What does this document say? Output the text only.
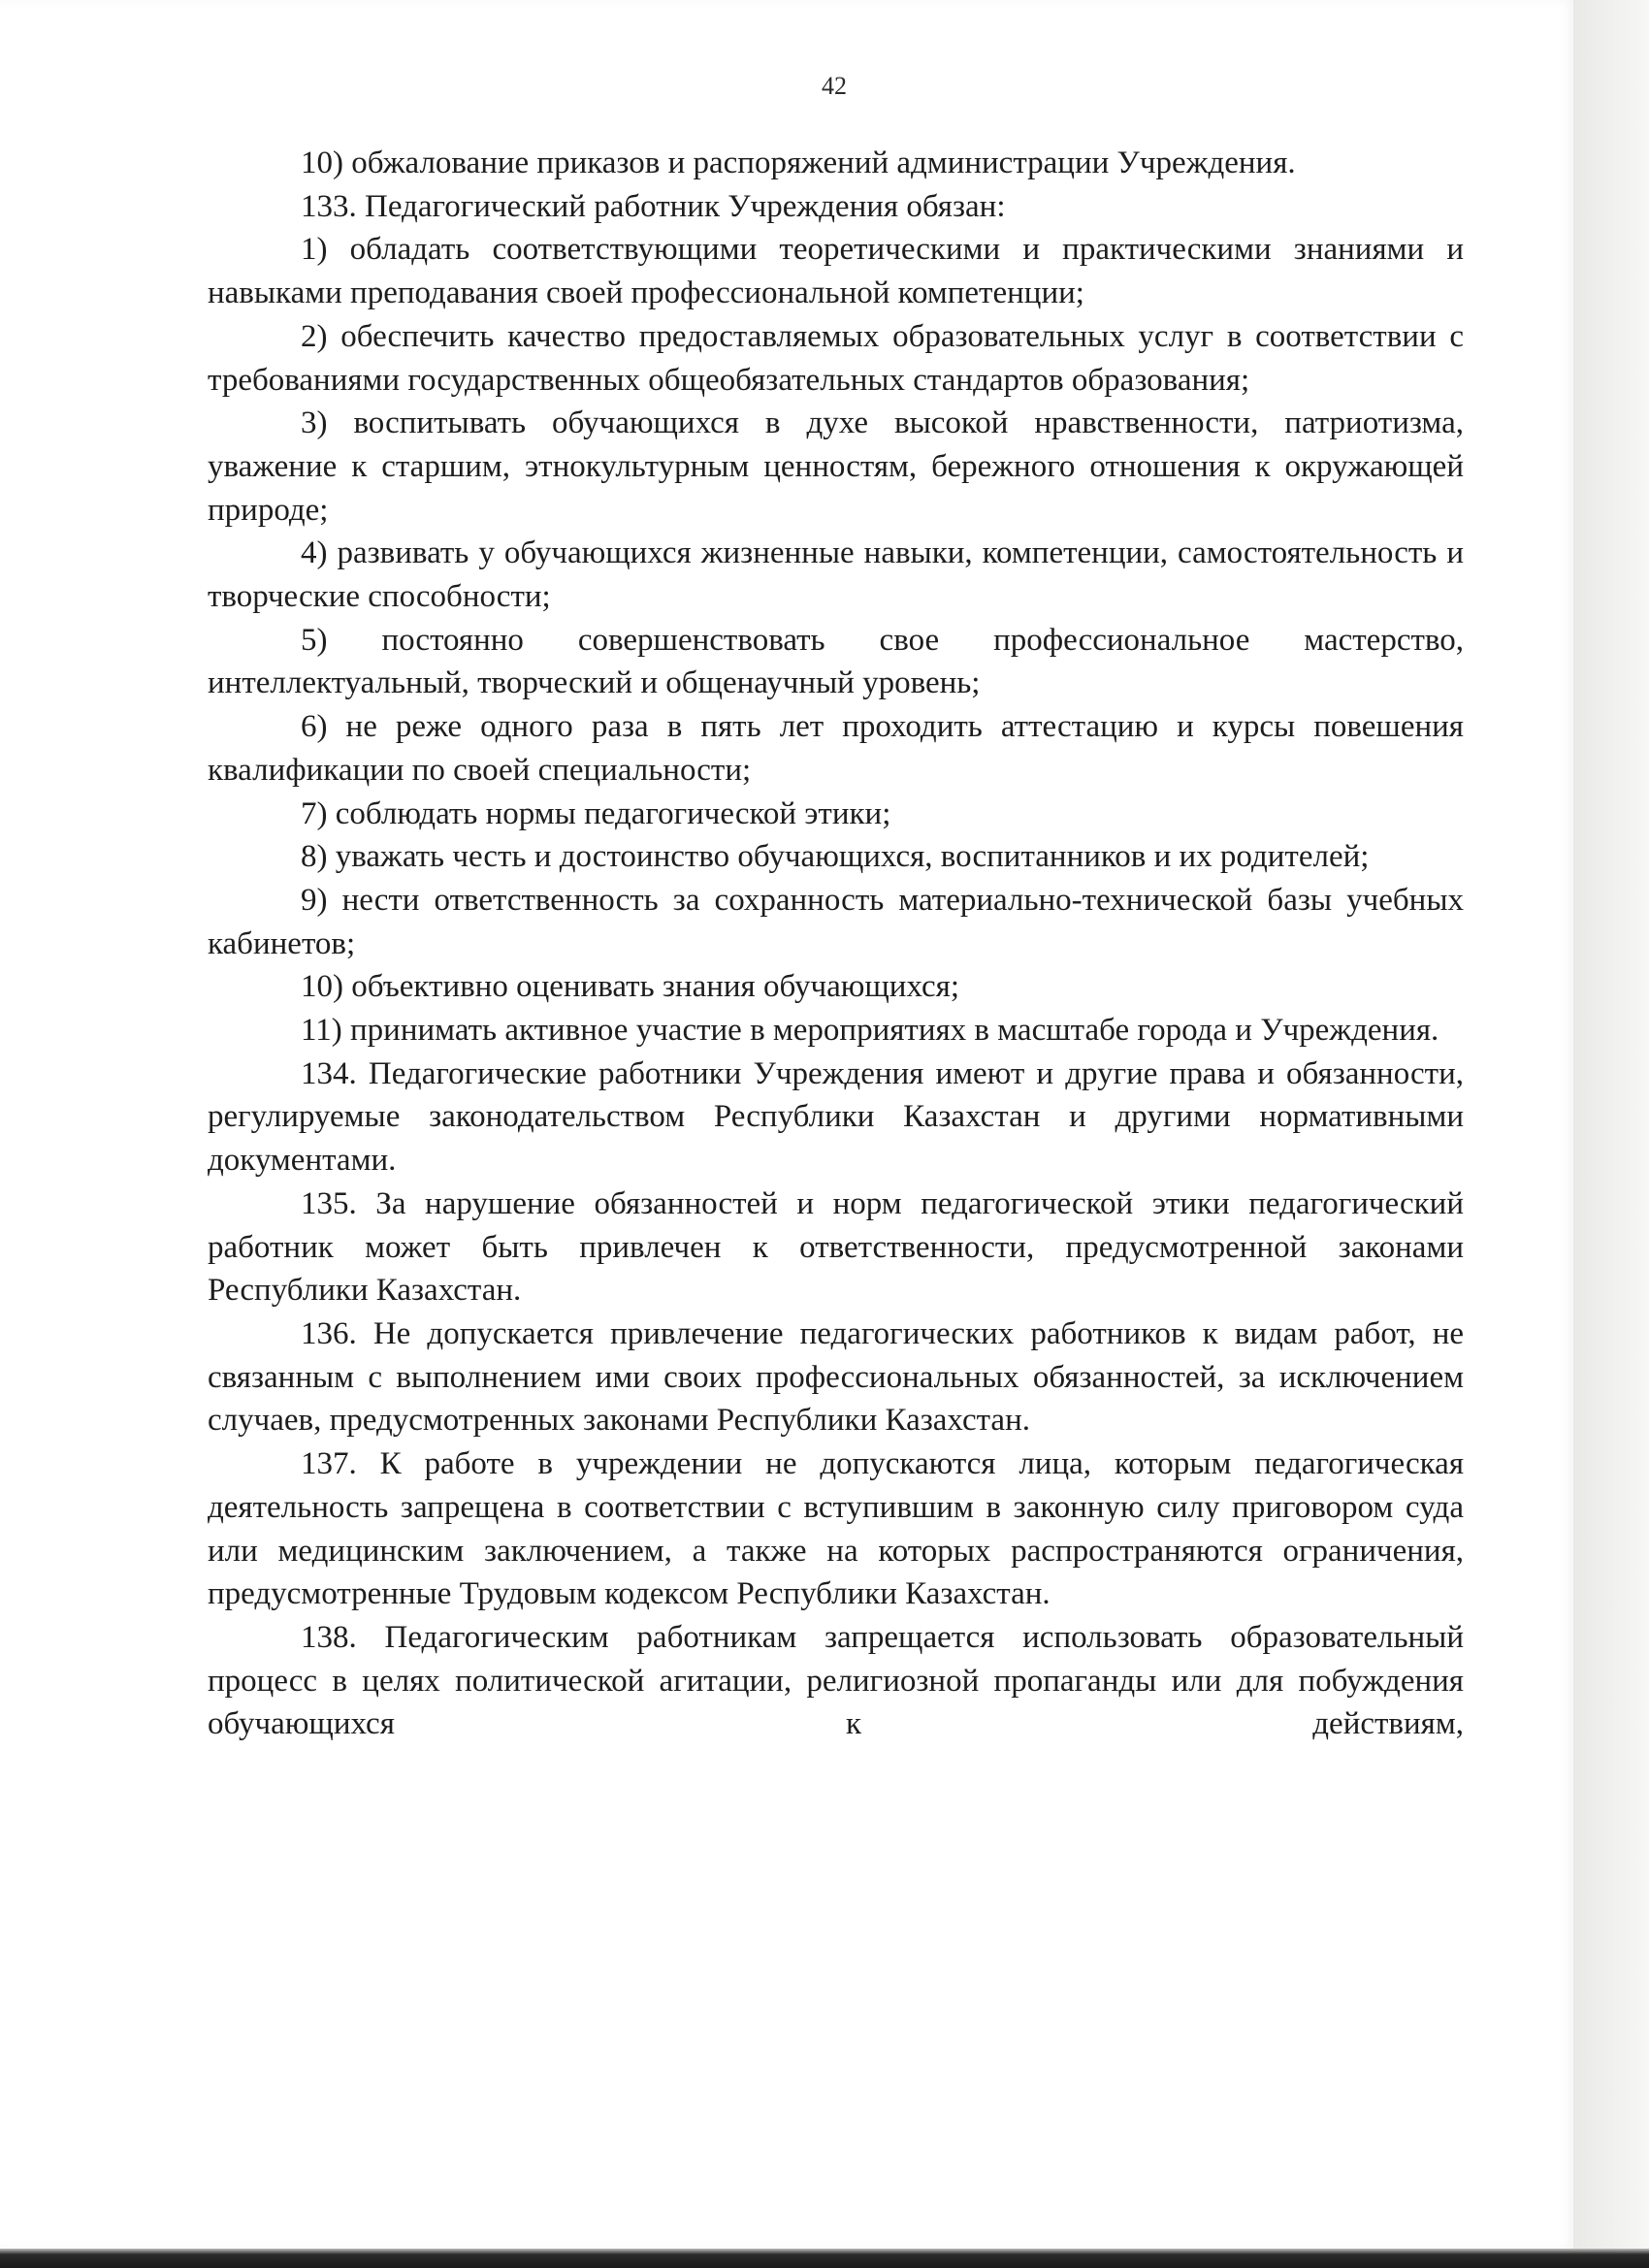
42

10) обжалование приказов и распоряжений администрации Учреждения.

133. Педагогический работник Учреждения обязан:

1) обладать соответствующими теоретическими и практическими знаниями и навыками преподавания своей профессиональной компетенции;

2) обеспечить качество предоставляемых образовательных услуг в соответствии с требованиями государственных общеобязательных стандартов образования;

3) воспитывать обучающихся в духе высокой нравственности, патриотизма, уважение к старшим, этнокультурным ценностям, бережного отношения к окружающей природе;

4) развивать у обучающихся жизненные навыки, компетенции, самостоятельность и творческие способности;

5) постоянно совершенствовать свое профессиональное мастерство, интеллектуальный, творческий и общенаучный уровень;

6) не реже одного раза в пять лет проходить аттестацию и курсы повешения квалификации по своей специальности;

7) соблюдать нормы педагогической этики;

8) уважать честь и достоинство обучающихся, воспитанников и их родителей;

9) нести ответственность за сохранность материально-технической базы учебных кабинетов;

10) объективно оценивать знания обучающихся;

11) принимать активное участие в мероприятиях в масштабе города и Учреждения.

134. Педагогические работники Учреждения имеют и другие права и обязанности, регулируемые законодательством Республики Казахстан и другими нормативными документами.

135. За нарушение обязанностей и норм педагогической этики педагогический работник может быть привлечен к ответственности, предусмотренной законами Республики Казахстан.

136. Не допускается привлечение педагогических работников к видам работ, не связанным с выполнением ими своих профессиональных обязанностей, за исключением случаев, предусмотренных законами Республики Казахстан.

137. К работе в учреждении не допускаются лица, которым педагогическая деятельность запрещена в соответствии с вступившим в законную силу приговором суда или медицинским заключением, а также на которых распространяются ограничения, предусмотренные Трудовым кодексом Республики Казахстан.

138. Педагогическим работникам запрещается использовать образовательный процесс в целях политической агитации, религиозной пропаганды или для побуждения обучающихся к действиям,
